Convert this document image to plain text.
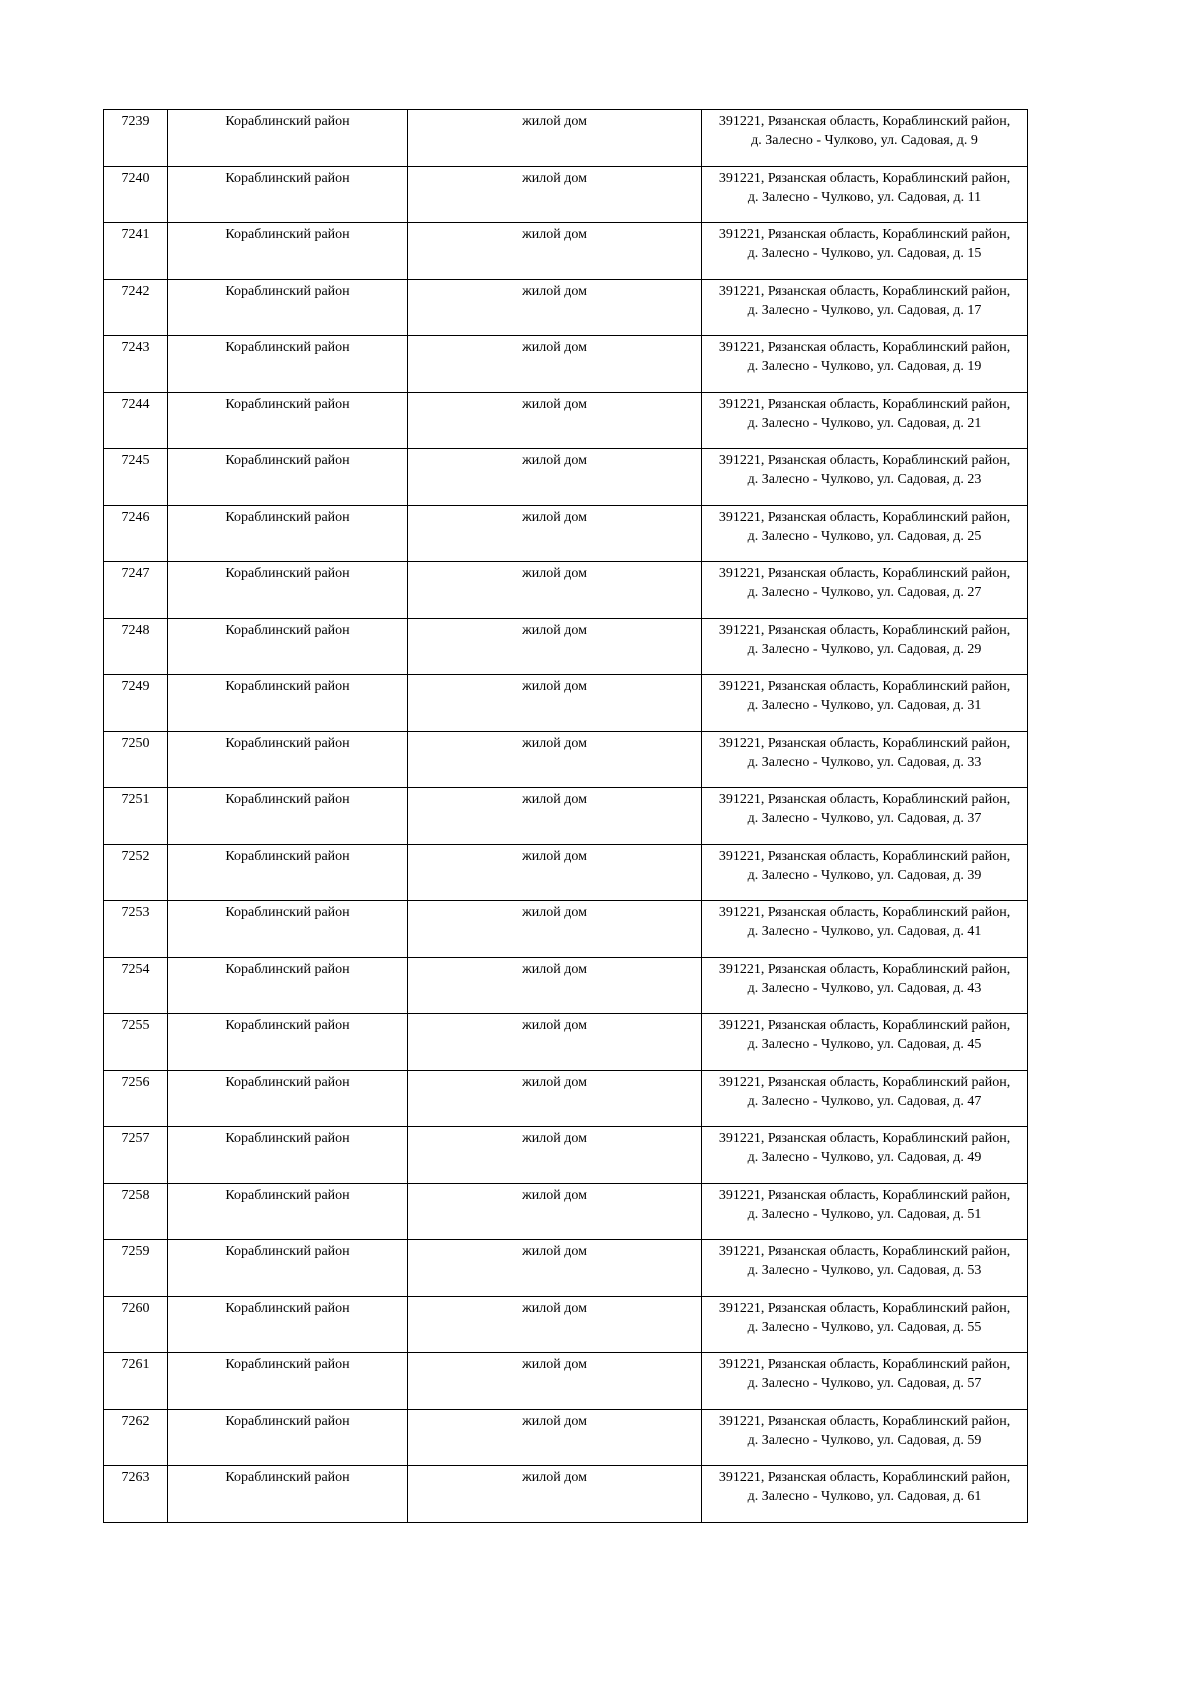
7239	Кораблинский район	жилой дом	391221, Рязанская область, Кораблинский район,
д. Залесно - Чулково, ул. Садовая, д. 9

7240	Кораблинский район	жилой дом	391221, Рязанская область, Кораблинский район,
д. Залесно - Чулково, ул. Садовая, д. 11

7241	Кораблинский район	жилой дом	391221, Рязанская область, Кораблинский район,
д. Залесно - Чулково, ул. Садовая, д. 15

7242	Кораблинский район	жилой дом	391221, Рязанская область, Кораблинский район,
д. Залесно - Чулково, ул. Садовая, д. 17

7243	Кораблинский район	жилой дом	391221, Рязанская область, Кораблинский район,
д. Залесно - Чулково, ул. Садовая, д. 19

7244	Кораблинский район	жилой дом	391221, Рязанская область, Кораблинский район,
д. Залесно - Чулково, ул. Садовая, д. 21

7245	Кораблинский район	жилой дом	391221, Рязанская область, Кораблинский район,
д. Залесно - Чулково, ул. Садовая, д. 23

7246	Кораблинский район	жилой дом	391221, Рязанская область, Кораблинский район,
д. Залесно - Чулково, ул. Садовая, д. 25

7247	Кораблинский район	жилой дом	391221, Рязанская область, Кораблинский район,
д. Залесно - Чулково, ул. Садовая, д. 27

7248	Кораблинский район	жилой дом	391221, Рязанская область, Кораблинский район,
д. Залесно - Чулково, ул. Садовая, д. 29

7249	Кораблинский район	жилой дом	391221, Рязанская область, Кораблинский район,
д. Залесно - Чулково, ул. Садовая, д. 31

7250	Кораблинский район	жилой дом	391221, Рязанская область, Кораблинский район,
д. Залесно - Чулково, ул. Садовая, д. 33

7251	Кораблинский район	жилой дом	391221, Рязанская область, Кораблинский район,
д. Залесно - Чулково, ул. Садовая, д. 37

7252	Кораблинский район	жилой дом	391221, Рязанская область, Кораблинский район,
д. Залесно - Чулково, ул. Садовая, д. 39

7253	Кораблинский район	жилой дом	391221, Рязанская область, Кораблинский район,
д. Залесно - Чулково, ул. Садовая, д. 41

7254	Кораблинский район	жилой дом	391221, Рязанская область, Кораблинский район,
д. Залесно - Чулково, ул. Садовая, д. 43

7255	Кораблинский район	жилой дом	391221, Рязанская область, Кораблинский район,
д. Залесно - Чулково, ул. Садовая, д. 45

7256	Кораблинский район	жилой дом	391221, Рязанская область, Кораблинский район,
д. Залесно - Чулково, ул. Садовая, д. 47

7257	Кораблинский район	жилой дом	391221, Рязанская область, Кораблинский район,
д. Залесно - Чулково, ул. Садовая, д. 49

7258	Кораблинский район	жилой дом	391221, Рязанская область, Кораблинский район,
д. Залесно - Чулково, ул. Садовая, д. 51

7259	Кораблинский район	жилой дом	391221, Рязанская область, Кораблинский район,
д. Залесно - Чулково, ул. Садовая, д. 53

7260	Кораблинский район	жилой дом	391221, Рязанская область, Кораблинский район,
д. Залесно - Чулково, ул. Садовая, д. 55

7261	Кораблинский район	жилой дом	391221, Рязанская область, Кораблинский район,
д. Залесно - Чулково, ул. Садовая, д. 57

7262	Кораблинский район	жилой дом	391221, Рязанская область, Кораблинский район,
д. Залесно - Чулково, ул. Садовая, д. 59

7263	Кораблинский район	жилой дом	391221, Рязанская область, Кораблинский район,
д. Залесно - Чулково, ул. Садовая, д. 61
